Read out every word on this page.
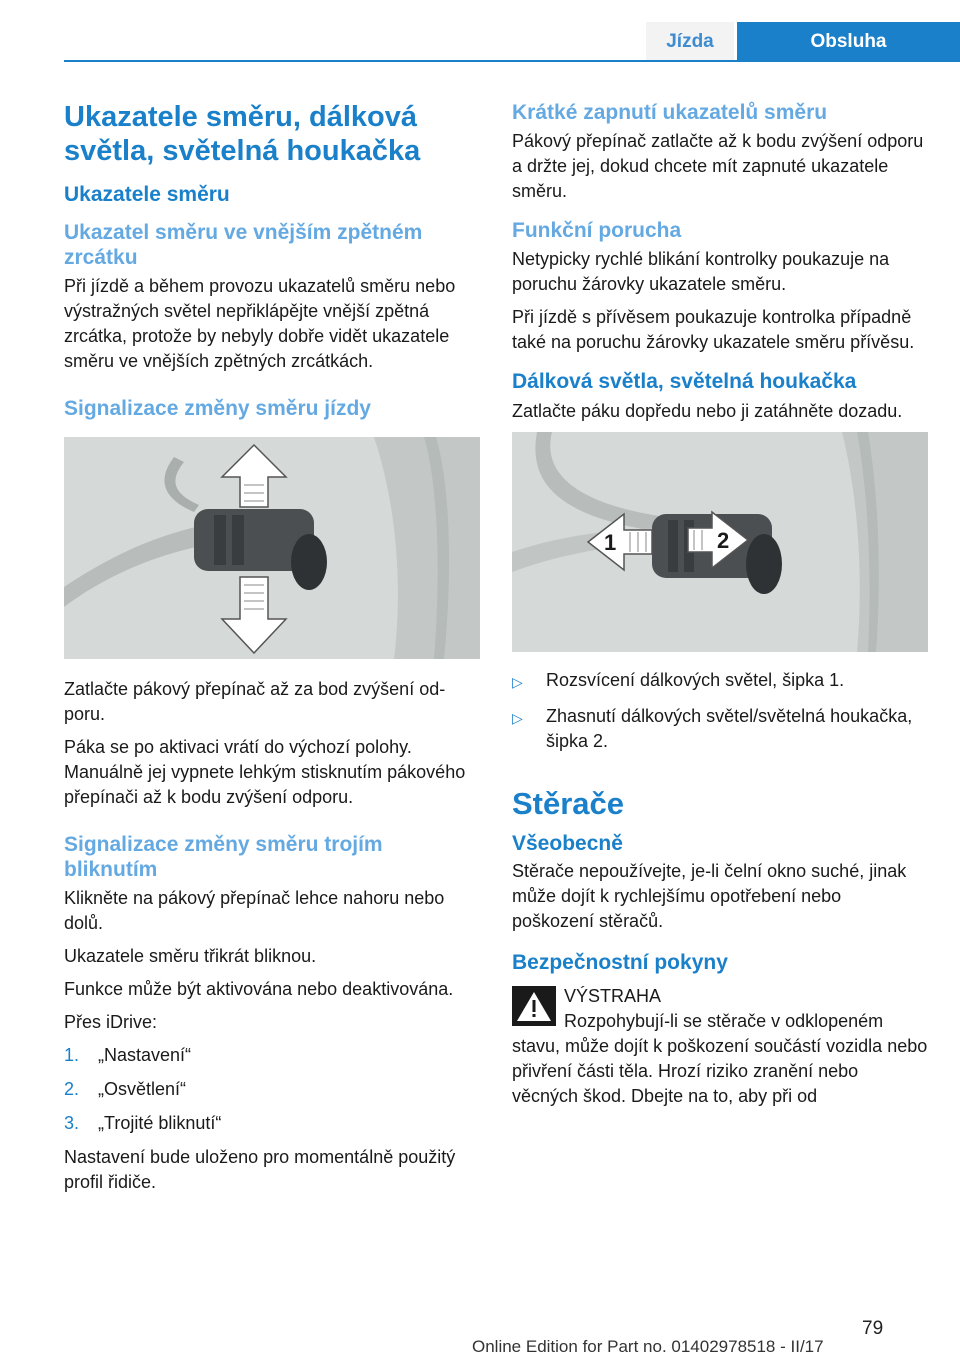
Jízda	Obsluha
Ukazatele směru, dálková světla, světelná houkačka
Ukazatele směru
Ukazatel směru ve vnějším zpětném zrcátku

Při jízdě a během provozu ukazatelů směru nebo výstražných světel nepřiklápějte vnější zpětná zrcátka, protože by nebyly dobře vidět ukazatele směru ve vnějších zpětných zrcátkách.

Signalizace změny směru jízdy

Zatlačte pákový přepínač až za bod zvýšení odporu.

Páka se po aktivaci vrátí do výchozí polohy. Manuálně jej vypnete lehkým stisknutím pákového přepínači až k bodu zvýšení odporu.

Signalizace změny směru trojím bliknutím

Klikněte na pákový přepínač lehce nahoru nebo dolů.

Ukazatele směru třikrát bliknou.

Funkce může být aktivována nebo deaktivována.

Přes iDrive:

1.	„Nastavení“
2.	„Osvětlení“
3.	„Trojité bliknutí“

Nastavení bude uloženo pro momentálně použitý profil řidiče.

Krátké zapnutí ukazatelů směru

Pákový přepínač zatlačte až k bodu zvýšení odporu a držte jej, dokud chcete mít zapnuté ukazatele směru.

Funkční porucha

Netypicky rychlé blikání kontrolky poukazuje na poruchu žárovky ukazatele směru.

Při jízdě s přívěsem poukazuje kontrolka případně také na poruchu žárovky ukazatele směru přívěsu.

Dálková světla, světelná houkačka

Zatlačte páku dopředu nebo ji zatáhněte dozadu.

1	2
▷	Rozsvícení dálkových světel, šipka 1.
▷	Zhasnutí dálkových světel/světelná houkačka, šipka 2.
Stěrače
Všeobecně

Stěrače nepoužívejte, je-li čelní okno suché, jinak může dojít k rychlejšímu opotřebení nebo poškození stěračů.

Bezpečnostní pokyny
VÝSTRAHA
Rozpohybují-li se stěrače v odklopeném

stavu, může dojít k poškození součástí vozidla nebo přivření části těla. Hrozí riziko zranění nebo věcných škod. Dbejte na to, aby při od

79
Online Edition for Part no. 01402978518 - II/17
